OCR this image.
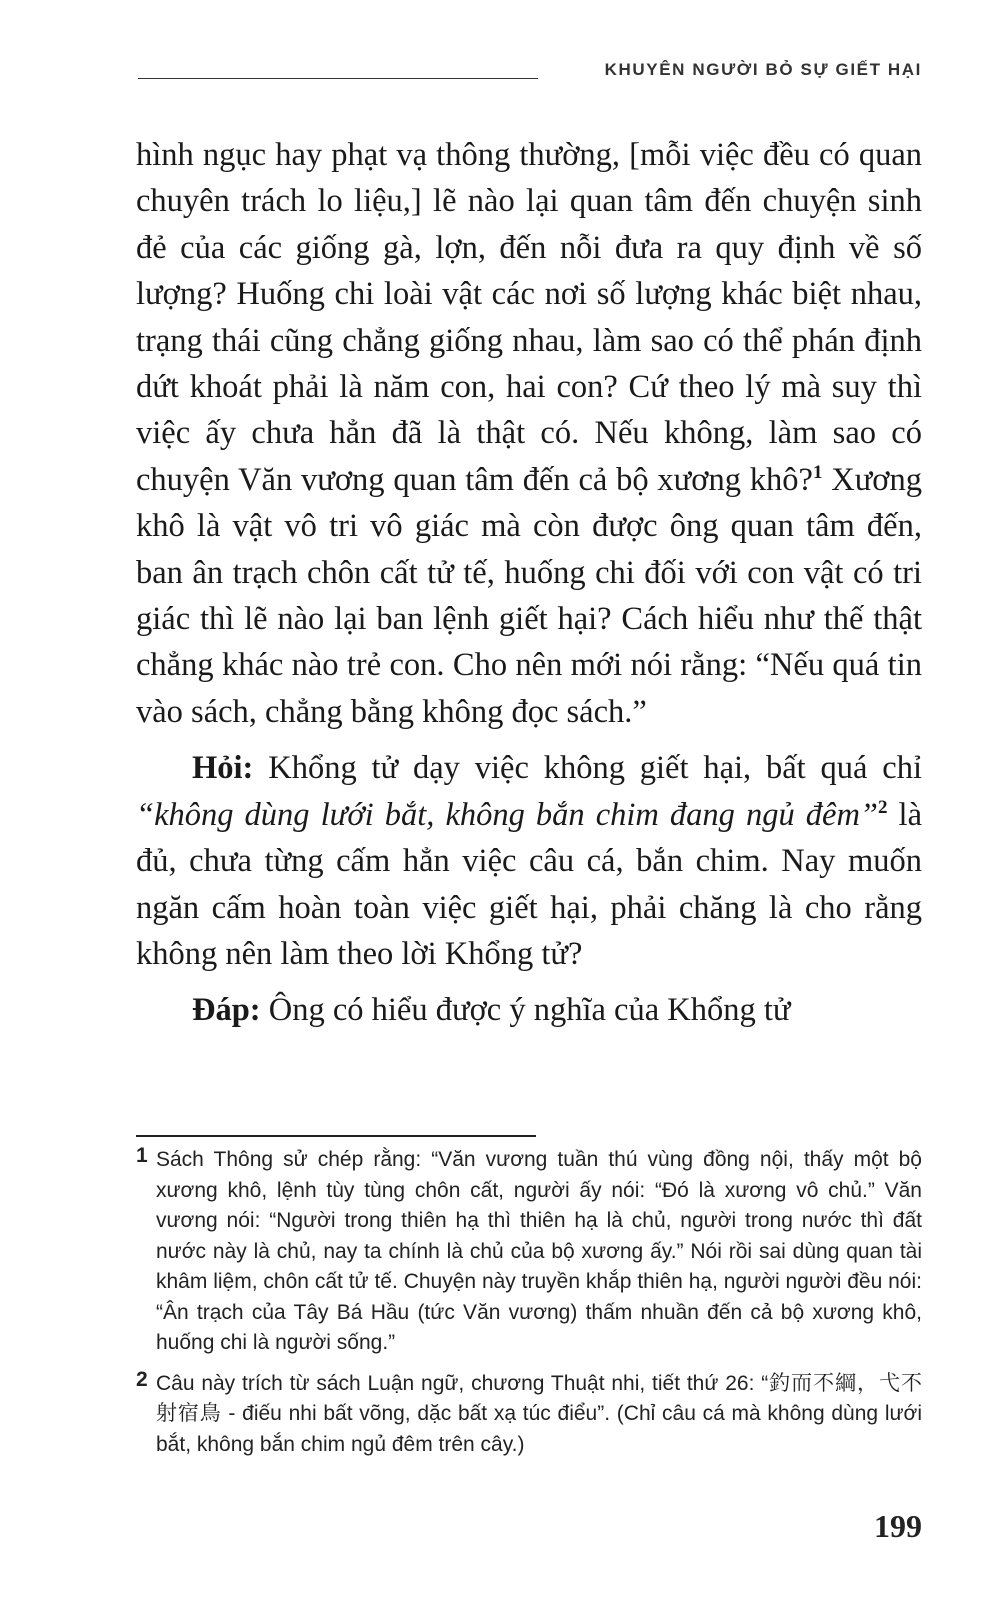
KHUYÊN NGƯỜI BỎ SỰ GIẾT HẠI

hình ngục hay phạt vạ thông thường, [mỗi việc đều có quan chuyên trách lo liệu,] lẽ nào lại quan tâm đến chuyện sinh đẻ của các giống gà, lợn, đến nỗi đưa ra quy định về số lượng? Huống chi loài vật các nơi số lượng khác biệt nhau, trạng thái cũng chẳng giống nhau, làm sao có thể phán định dứt khoát phải là năm con, hai con? Cứ theo lý mà suy thì việc ấy chưa hẳn đã là thật có. Nếu không, làm sao có chuyện Văn vương quan tâm đến cả bộ xương khô?$^1$ Xương khô là vật vô tri vô giác mà còn được ông quan tâm đến, ban ân trạch chôn cất tử tế, huống chi đối với con vật có tri giác thì lẽ nào lại ban lệnh giết hại? Cách hiểu như thế thật chẳng khác nào trẻ con. Cho nên mới nói rằng: “Nếu quá tin vào sách, chẳng bằng không đọc sách.”

Hỏi: Khổng tử dạy việc không giết hại, bất quá chỉ “không dùng lưới bắt, không bắn chim đang ngủ đêm”$^2$ là đủ, chưa từng cấm hẳn việc câu cá, bắn chim. Nay muốn ngăn cấm hoàn toàn việc giết hại, phải chăng là cho rằng không nên làm theo lời Khổng tử?

Đáp: Ông có hiểu được ý nghĩa của Khổng tử

1 Sách Thông sử chép rằng: “Văn vương tuần thú vùng đồng nội, thấy một bộ xương khô, lệnh tùy tùng chôn cất, người ấy nói: “Đó là xương vô chủ.” Văn vương nói: “Người trong thiên hạ thì thiên hạ là chủ, người trong nước thì đất nước này là chủ, nay ta chính là chủ của bộ xương ấy.” Nói rồi sai dùng quan tài khâm liệm, chôn cất tử tế. Chuyện này truyền khắp thiên hạ, người người đều nói: “Ân trạch của Tây Bá Hầu (tức Văn vương) thấm nhuần đến cả bộ xương khô, huống chi là người sống.”
2 Câu này trích từ sách Luận ngữ, chương Thuật nhi, tiết thứ 26: “釣而不綱，弋不射宿鳥 - điếu nhi bất võng, dặc bất xạ túc điểu”. (Chỉ câu cá mà không dùng lưới bắt, không bắn chim ngủ đêm trên cây.)
199
